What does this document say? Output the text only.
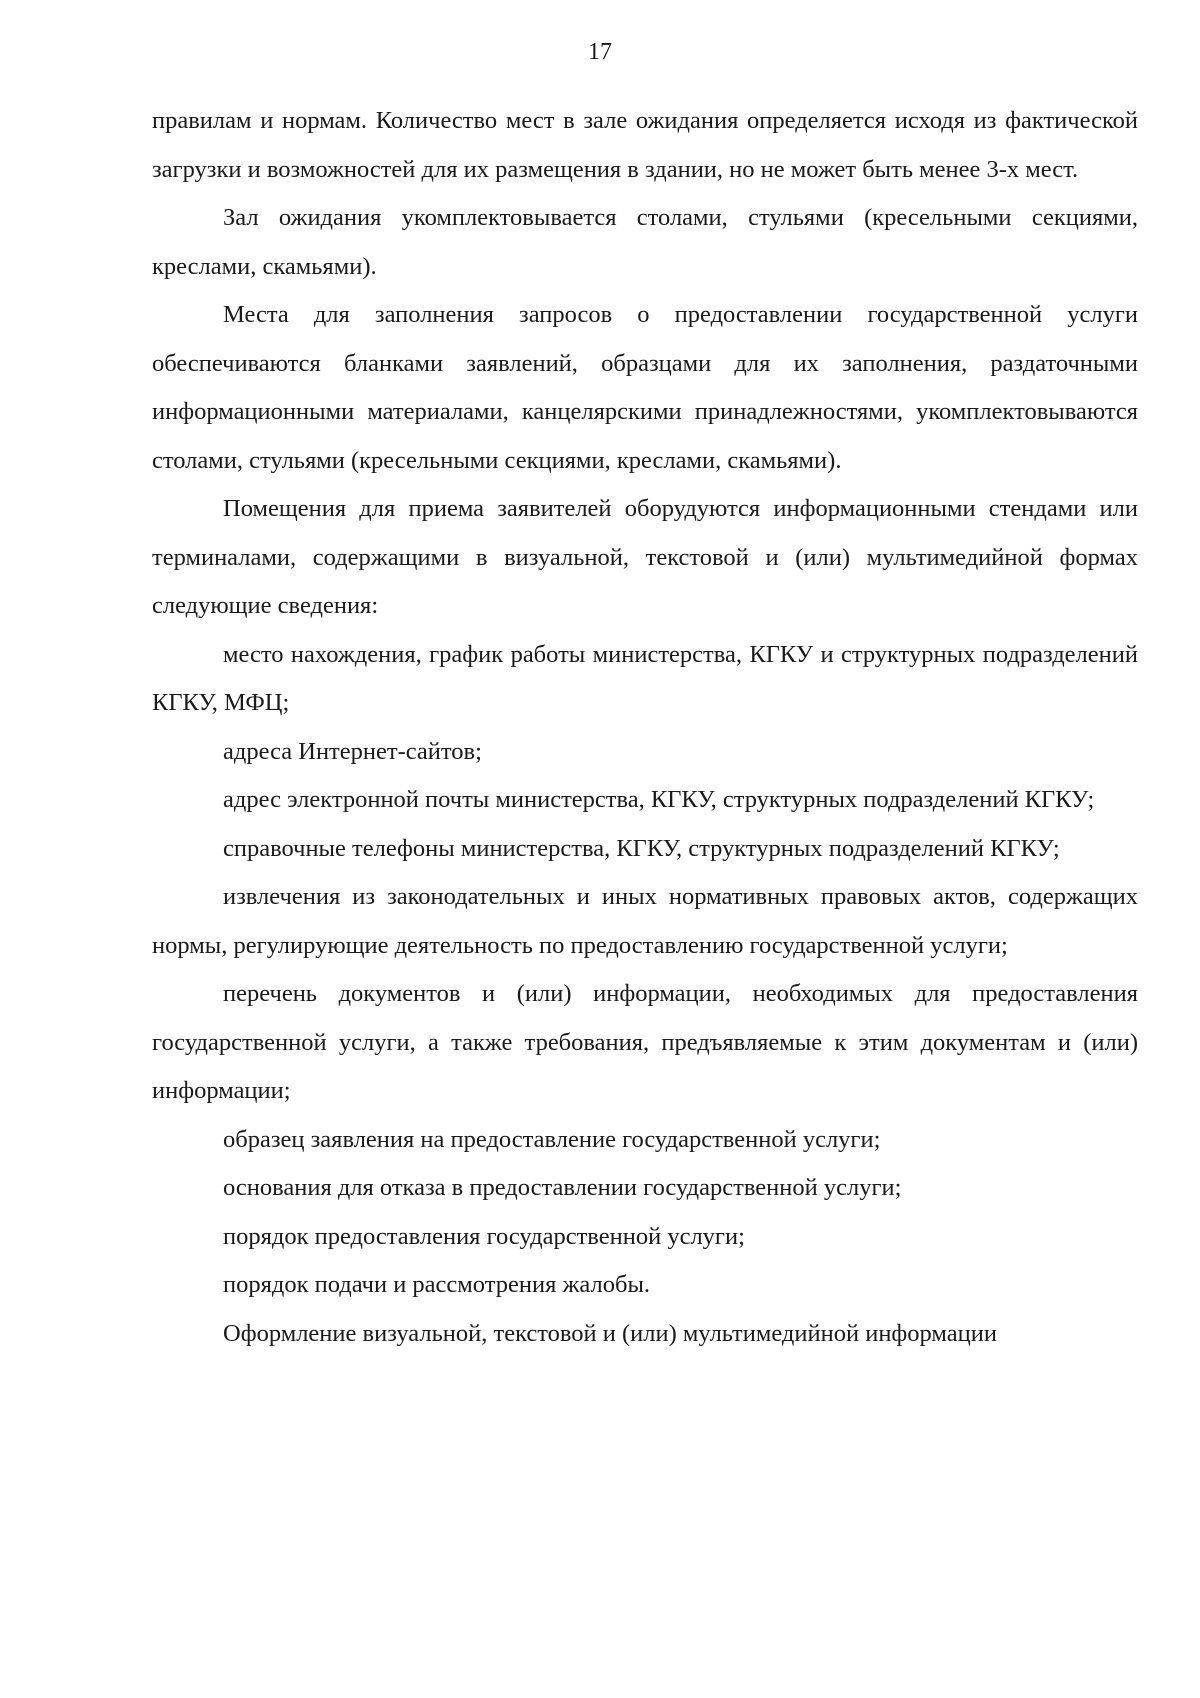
17

правилам и нормам. Количество мест в зале ожидания определяется исходя из фактической загрузки и возможностей для их размещения в здании, но не может быть менее 3-х мест.

Зал ожидания укомплектовывается столами, стульями (кресельными секциями, креслами, скамьями).

Места для заполнения запросов о предоставлении государственной услуги обеспечиваются бланками заявлений, образцами для их заполнения, раздаточными информационными материалами, канцелярскими принадлежностями, укомплектовываются столами, стульями (кресельными секциями, креслами, скамьями).

Помещения для приема заявителей оборудуются информационными стендами или терминалами, содержащими в визуальной, текстовой и (или) мультимедийной формах следующие сведения:

место нахождения, график работы министерства, КГКУ и структурных подразделений КГКУ, МФЦ;

адреса Интернет-сайтов;

адрес электронной почты министерства, КГКУ, структурных подразделений КГКУ;

справочные телефоны министерства, КГКУ, структурных подразделений КГКУ;

извлечения из законодательных и иных нормативных правовых актов, содержащих нормы, регулирующие деятельность по предоставлению государственной услуги;

перечень документов и (или) информации, необходимых для предоставления государственной услуги, а также требования, предъявляемые к этим документам и (или) информации;

образец заявления на предоставление государственной услуги;

основания для отказа в предоставлении государственной услуги;

порядок предоставления государственной услуги;

порядок подачи и рассмотрения жалобы.

Оформление визуальной, текстовой и (или) мультимедийной информации
